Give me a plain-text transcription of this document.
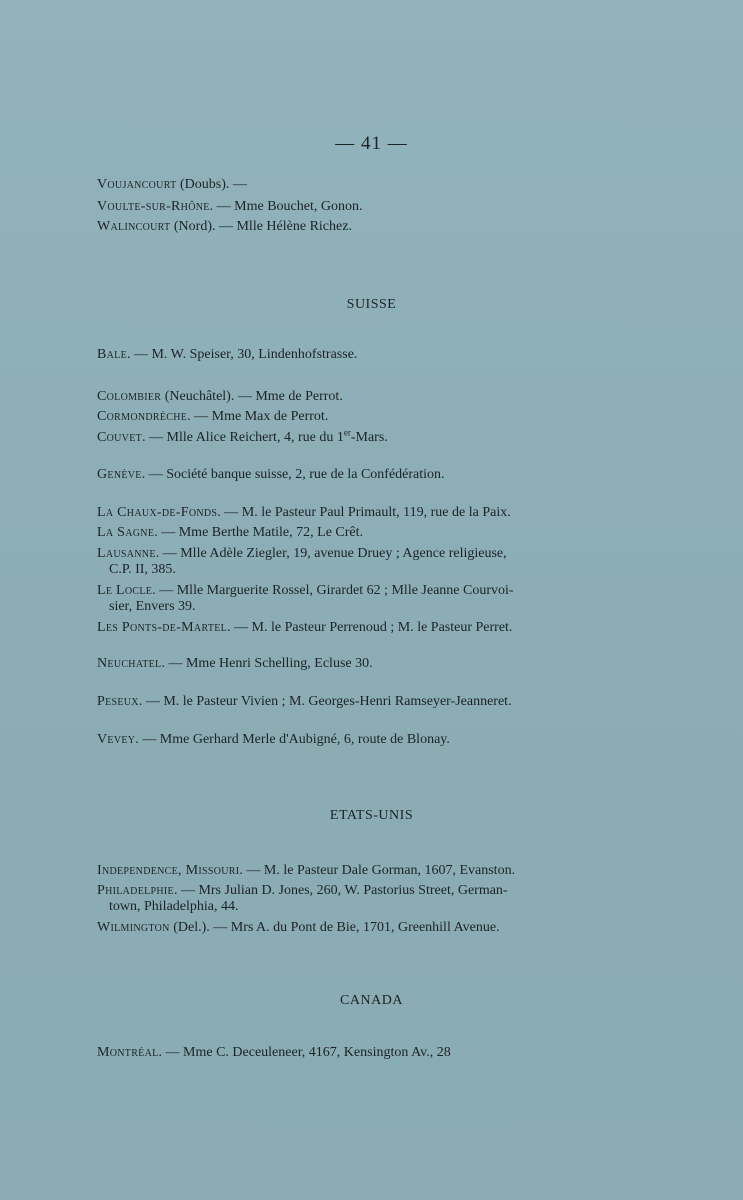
— 41 —
Voujancourt (Doubs). —
Voulte-sur-Rhône. — Mme Bouchet, Gonon.
Walincourt (Nord). — Mlle Hélène Richez.
SUISSE
Bale. — M. W. Speiser, 30, Lindenhofstrasse.
Colombier (Neuchâtel). — Mme de Perrot.
Cormondrèche. — Mme Max de Perrot.
Couvet. — Mlle Alice Reichert, 4, rue du 1er-Mars.
Genève. — Société banque suisse, 2, rue de la Confédération.
La Chaux-de-Fonds. — M. le Pasteur Paul Primault, 119, rue de la Paix.
La Sagne. — Mme Berthe Matile, 72, Le Crêt.
Lausanne. — Mlle Adèle Ziegler, 19, avenue Druey ; Agence religieuse,
C.P. II, 385.
Le Locle. — Mlle Marguerite Rossel, Girardet 62 ; Mlle Jeanne Courvoi-
sier, Envers 39.
Les Ponts-de-Martel. — M. le Pasteur Perrenoud ; M. le Pasteur Perret.
Neuchatel. — Mme Henri Schelling, Ecluse 30.
Peseux. — M. le Pasteur Vivien ; M. Georges-Henri Ramseyer-Jeanneret.
Vevey. — Mme Gerhard Merle d'Aubigné, 6, route de Blonay.
ETATS-UNIS
Independence, Missouri. — M. le Pasteur Dale Gorman, 1607, Evanston.
Philadelphie. — Mrs Julian D. Jones, 260, W. Pastorius Street, German-
town, Philadelphia, 44.
Wilmington (Del.). — Mrs A. du Pont de Bie, 1701, Greenhill Avenue.
CANADA
Montréal. — Mme C. Deceuleneer, 4167, Kensington Av., 28
